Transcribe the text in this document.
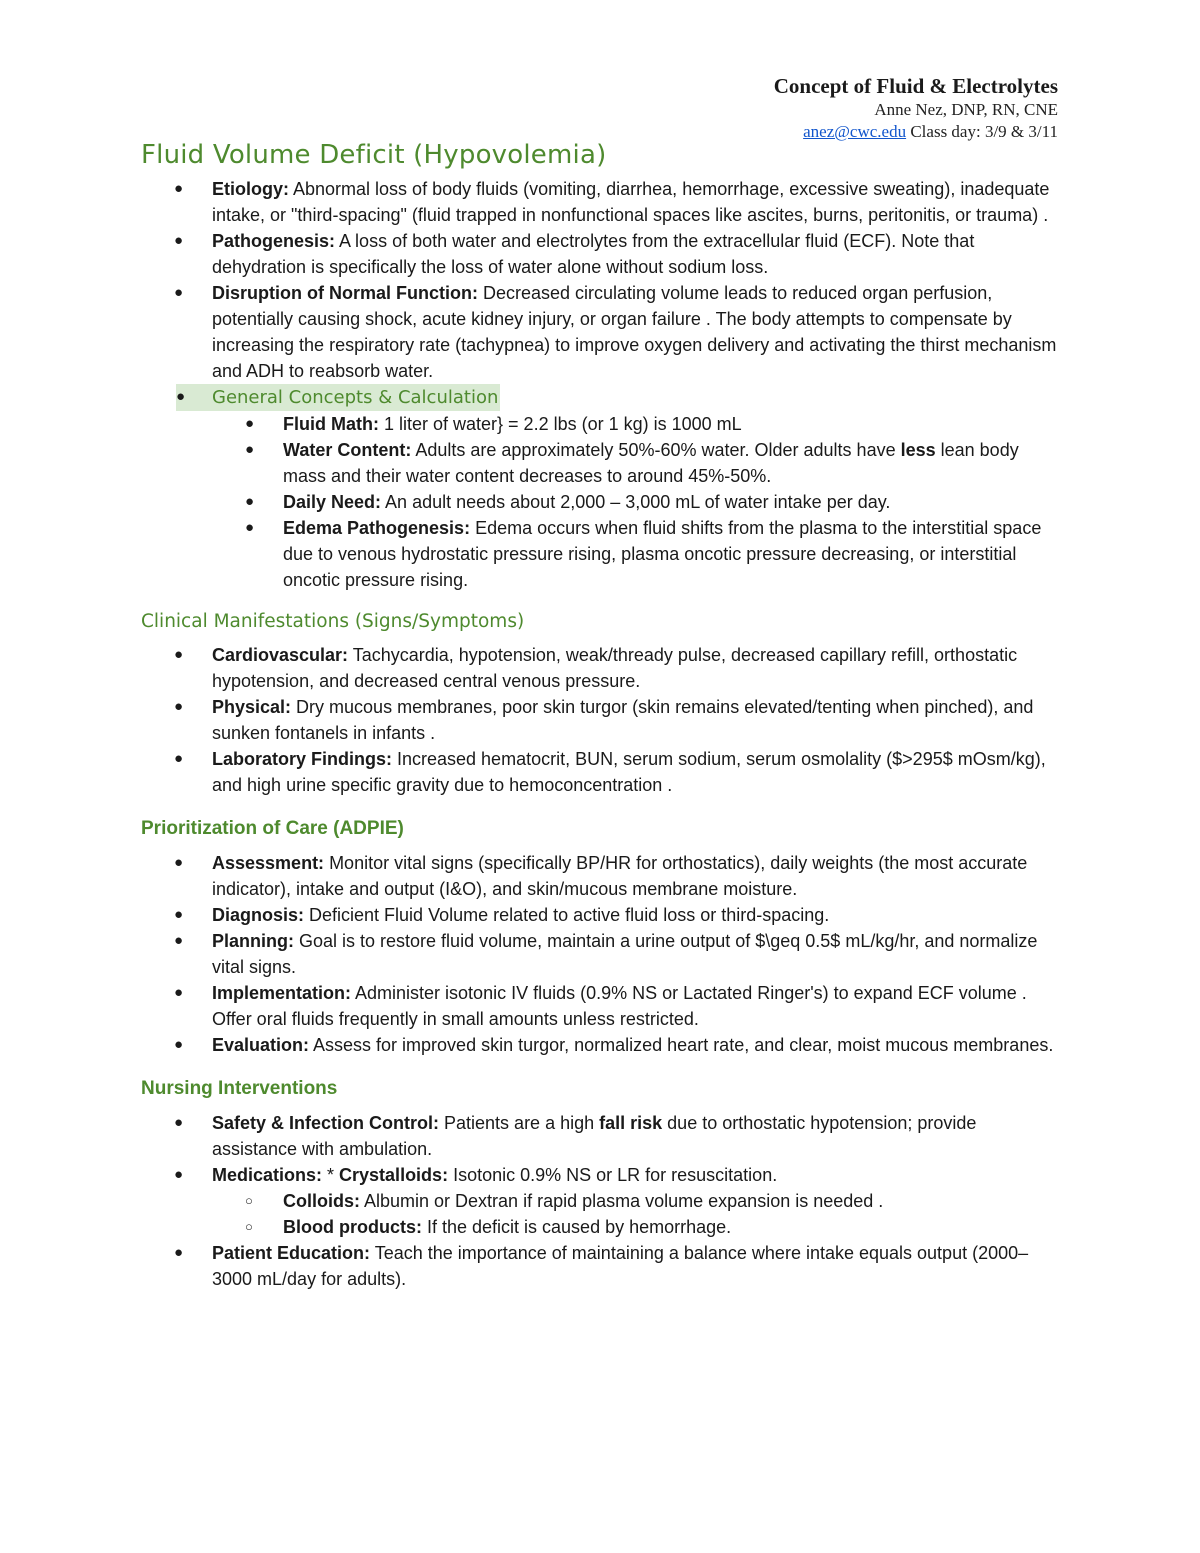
Concept of Fluid & Electrolytes
Anne Nez, DNP, RN, CNE
anez@cwc.edu Class day: 3/9 & 3/11
Fluid Volume Deficit (Hypovolemia)
● Etiology: Abnormal loss of body fluids (vomiting, diarrhea, hemorrhage, excessive sweating), inadequate intake, or "third-spacing" (fluid trapped in nonfunctional spaces like ascites, burns, peritonitis, or trauma) .
● Pathogenesis: A loss of both water and electrolytes from the extracellular fluid (ECF). Note that dehydration is specifically the loss of water alone without sodium loss.
● Disruption of Normal Function: Decreased circulating volume leads to reduced organ perfusion, potentially causing shock, acute kidney injury, or organ failure . The body attempts to compensate by increasing the respiratory rate (tachypnea) to improve oxygen delivery and activating the thirst mechanism and ADH to reabsorb water.
● General Concepts & Calculation
● Fluid Math: 1 liter of water} = 2.2 lbs (or 1 kg) is 1000 mL
● Water Content: Adults are approximately 50%-60% water. Older adults have less lean body mass and their water content decreases to around 45%-50%.
● Daily Need: An adult needs about 2,000 – 3,000 mL of water intake per day.
● Edema Pathogenesis: Edema occurs when fluid shifts from the plasma to the interstitial space due to venous hydrostatic pressure rising, plasma oncotic pressure decreasing, or interstitial oncotic pressure rising.
Clinical Manifestations (Signs/Symptoms)
● Cardiovascular: Tachycardia, hypotension, weak/thready pulse, decreased capillary refill, orthostatic hypotension, and decreased central venous pressure.
● Physical: Dry mucous membranes, poor skin turgor (skin remains elevated/tenting when pinched), and sunken fontanels in infants .
● Laboratory Findings: Increased hematocrit, BUN, serum sodium, serum osmolality ($>295$ mOsm/kg), and high urine specific gravity due to hemoconcentration .
Prioritization of Care (ADPIE)
● Assessment: Monitor vital signs (specifically BP/HR for orthostatics), daily weights (the most accurate indicator), intake and output (I&O), and skin/mucous membrane moisture.
● Diagnosis: Deficient Fluid Volume related to active fluid loss or third-spacing.
● Planning: Goal is to restore fluid volume, maintain a urine output of $\geq 0.5$ mL/kg/hr, and normalize vital signs.
● Implementation: Administer isotonic IV fluids (0.9% NS or Lactated Ringer's) to expand ECF volume . Offer oral fluids frequently in small amounts unless restricted.
● Evaluation: Assess for improved skin turgor, normalized heart rate, and clear, moist mucous membranes.
Nursing Interventions
● Safety & Infection Control: Patients are a high fall risk due to orthostatic hypotension; provide assistance with ambulation.
● Medications: * Crystalloids: Isotonic 0.9% NS or LR for resuscitation.
○ Colloids: Albumin or Dextran if rapid plasma volume expansion is needed .
○ Blood products: If the deficit is caused by hemorrhage.
● Patient Education: Teach the importance of maintaining a balance where intake equals output (2000–3000 mL/day for adults).
